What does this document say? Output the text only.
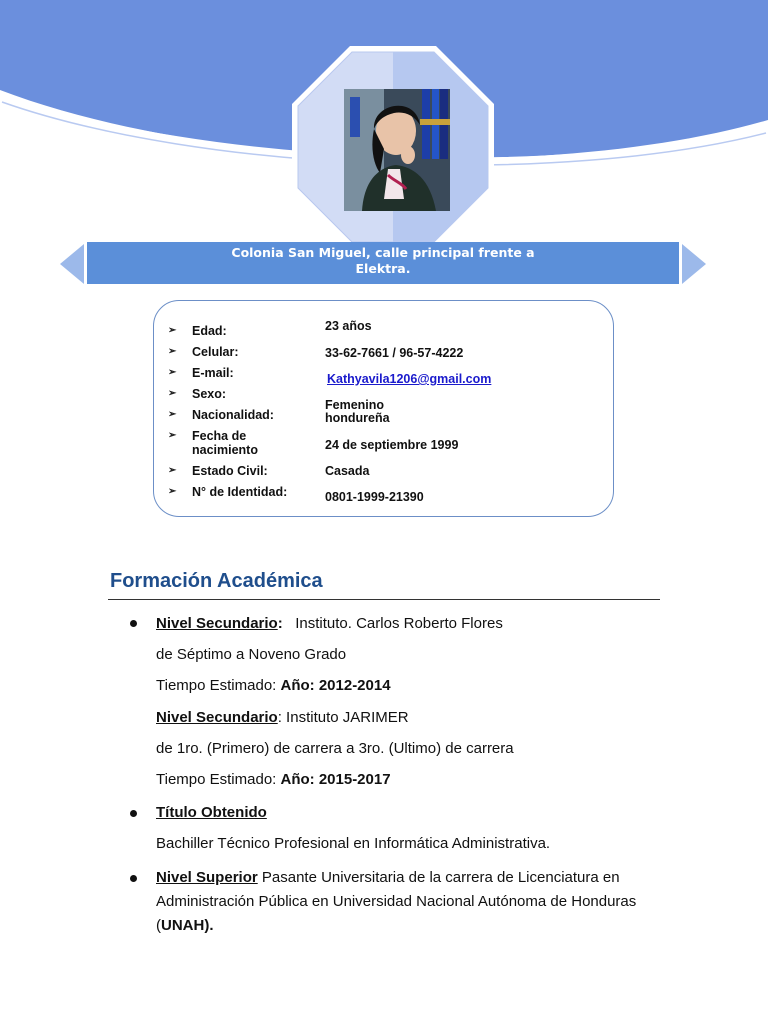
Colonia San Miguel, calle principal frente a Elektra.
➢ Edad:
➢ Celular:
➢ E-mail:
➢ Sexo:
➢ Nacionalidad:
➢ Fecha de nacimiento
➢ Estado Civil:
➢ N° de Identidad:
23 años
33-62-7661 / 96-57-4222
Kathyavila1206@gmail.com
Femenino
hondureña
24 de septiembre 1999
Casada
0801-1999-21390
Formación Académica
Nivel Secundario: Instituto. Carlos Roberto Flores
de Séptimo a Noveno Grado
Tiempo Estimado: Año: 2012-2014
Nivel Secundario: Instituto JARIMER
de 1ro. (Primero) de carrera a 3ro. (Ultimo) de carrera
Tiempo Estimado: Año: 2015-2017
Título Obtenido
Bachiller Técnico Profesional en Informática Administrativa.
Nivel Superior Pasante Universitaria de la carrera de Licenciatura en Administración Pública en Universidad Nacional Autónoma de Honduras (UNAH).
